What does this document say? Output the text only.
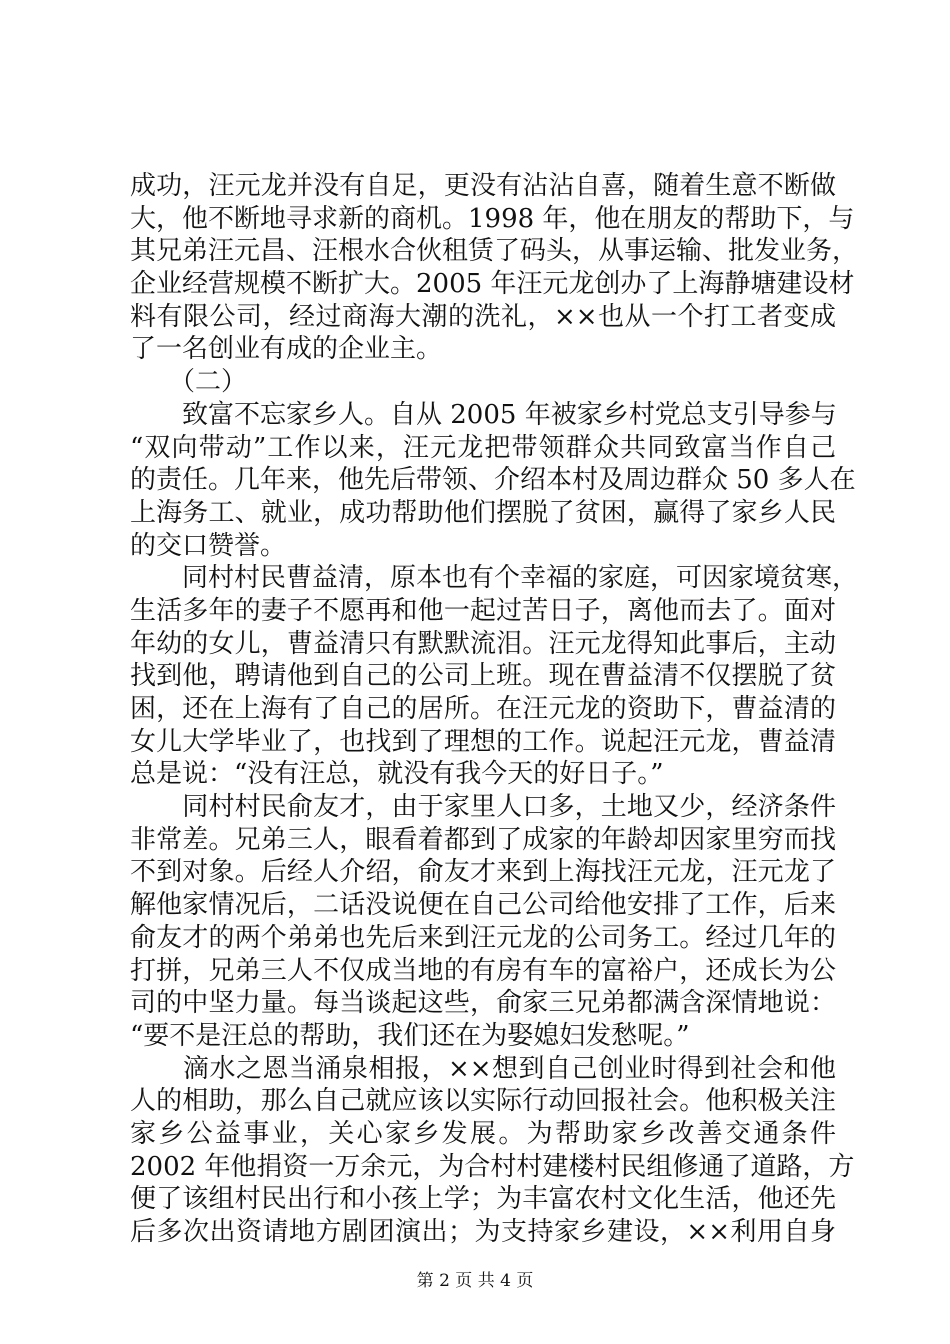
成功，汪元龙并没有自足，更没有沾沾自喜，随着生意不断做
大，他不断地寻求新的商机。1998 年，他在朋友的帮助下，与
其兄弟汪元昌、汪根水合伙租赁了码头，从事运输、批发业务，
企业经营规模不断扩大。2005 年汪元龙创办了上海静塘建设材
料有限公司，经过商海大潮的洗礼，××也从一个打工者变成
了一名创业有成的企业主。
　　（二）
　　致富不忘家乡人。自从 2005 年被家乡村党总支引导参与
“双向带动”工作以来，汪元龙把带领群众共同致富当作自己
的责任。几年来，他先后带领、介绍本村及周边群众 50 多人在
上海务工、就业，成功帮助他们摆脱了贫困，赢得了家乡人民
的交口赞誉。
　　同村村民曹益清，原本也有个幸福的家庭，可因家境贫寒，
生活多年的妻子不愿再和他一起过苦日子，离他而去了。面对
年幼的女儿，曹益清只有默默流泪。汪元龙得知此事后，主动
找到他，聘请他到自己的公司上班。现在曹益清不仅摆脱了贫
困，还在上海有了自己的居所。在汪元龙的资助下，曹益清的
女儿大学毕业了，也找到了理想的工作。说起汪元龙，曹益清
总是说：“没有汪总，就没有我今天的好日子。”
　　同村村民俞友才，由于家里人口多，土地又少，经济条件
非常差。兄弟三人，眼看着都到了成家的年龄却因家里穷而找
不到对象。后经人介绍，俞友才来到上海找汪元龙，汪元龙了
解他家情况后，二话没说便在自己公司给他安排了工作，后来
俞友才的两个弟弟也先后来到汪元龙的公司务工。经过几年的
打拼，兄弟三人不仅成当地的有房有车的富裕户，还成长为公
司的中坚力量。每当谈起这些，俞家三兄弟都满含深情地说：
“要不是汪总的帮助，我们还在为娶媳妇发愁呢。”
　　滴水之恩当涌泉相报，××想到自己创业时得到社会和他
人的相助，那么自己就应该以实际行动回报社会。他积极关注
家乡公益事业，关心家乡发展。为帮助家乡改善交通条件
2002 年他捐资一万余元，为合村村建楼村民组修通了道路，方
便了该组村民出行和小孩上学；为丰富农村文化生活，他还先
后多次出资请地方剧团演出；为支持家乡建设，××利用自身
第 2 页 共 4 页
